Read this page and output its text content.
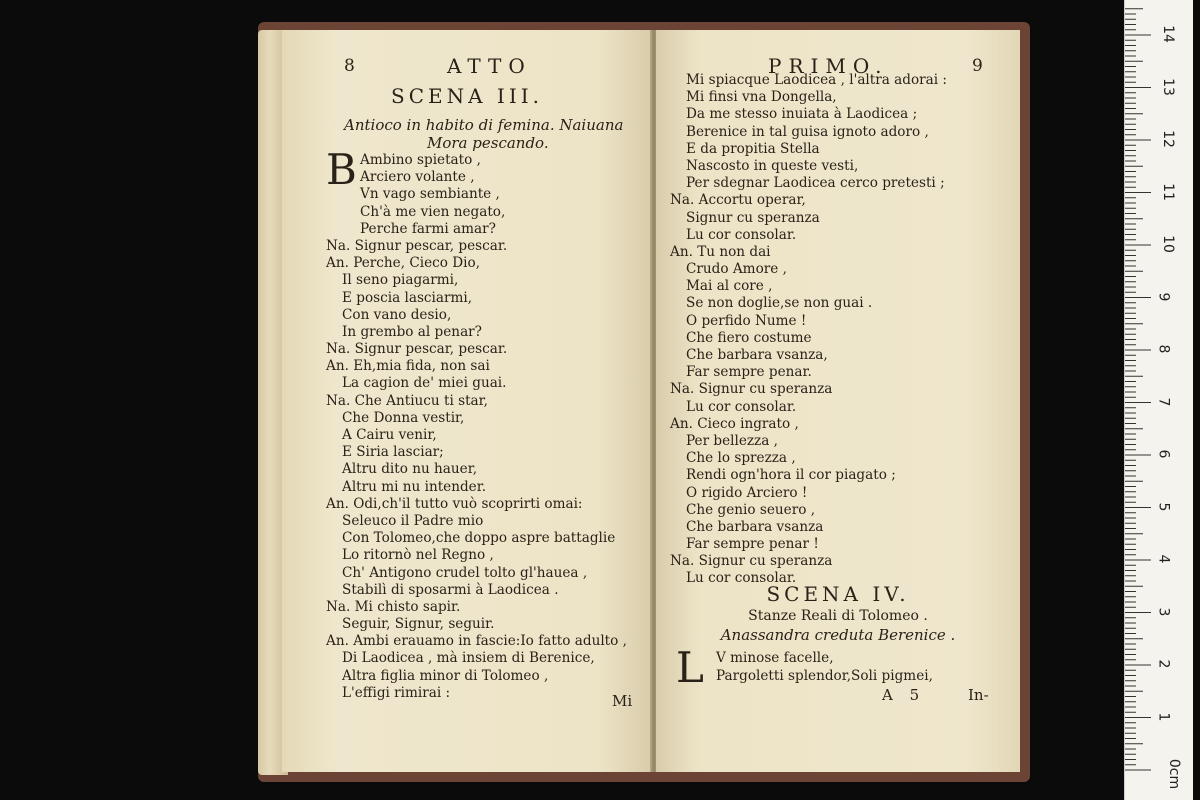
8	ATTO
SCENA III.
Antioco in habito di femina. Naiuana
Mora pescando.
B Ambino spietato ,
Arciero volante ,
Vn vago sembiante ,
Ch'à me vien negato,
Perche farmi amar?
Na. Signur pescar, pescar.
An. Perche, Cieco Dio,
Il seno piagarmi,
E poscia lasciarmi,
Con vano desio,
In grembo al penar?
Na. Signur pescar, pescar.
An. Eh,mia fida, non sai
La cagion de' miei guai.
Na. Che Antiucu ti star,
Che Donna vestir,
A Cairu venir,
E Siria lasciar;
Altru dito nu hauer,
Altru mi nu intender.
An. Odi,ch'il tutto vuò scoprirti omai:
Seleuco il Padre mio
Con Tolomeo,che doppo aspre battaglie
Lo ritornò nel Regno ,
Ch' Antigono crudel tolto gl'hauea ,
Stabilì di sposarmi à Laodicea .
Na. Mi chisto sapir.
Seguir, Signur, seguir.
An. Ambi erauamo in fascie:Io fatto adulto ,
Di Laodicea , mà insiem di Berenice,
Altra figlia minor di Tolomeo ,
L'effigi rimirai :	Mi
PRIMO.	9
Mi spiacque Laodicea , l'altra adorai :
Mi finsi vna Dongella,
Da me stesso inuiata à Laodicea ;
Berenice in tal guisa ignoto adoro ,
E da propitia Stella
Nascosto in queste vesti,
Per sdegnar Laodicea cerco pretesti ;
Na. Accortu operar,
Signur cu speranza
Lu cor consolar.
An. Tu non dai
Crudo Amore ,
Mai al core ,
Se non doglie,se non guai .
O perfido Nume !
Che fiero costume
Che barbara vsanza,
Far sempre penar.
Na. Signur cu speranza
Lu cor consolar.
An. Cieco ingrato ,
Per bellezza ,
Che lo sprezza ,
Rendi ogn'hora il cor piagato ;
O rigido Arciero !
Che genio seuero ,
Che barbara vsanza
Far sempre penar !
Na. Signur cu speranza
Lu cor consolar.
SCENA IV.
Stanze Reali di Tolomeo .
Anassandra creduta Berenice .
L V minose facelle,
Pargoletti splendor,Soli pigmei,
A 5	In-
0cm
1
2
3
4
5
6
7
8
9
10
11
12
13
14
